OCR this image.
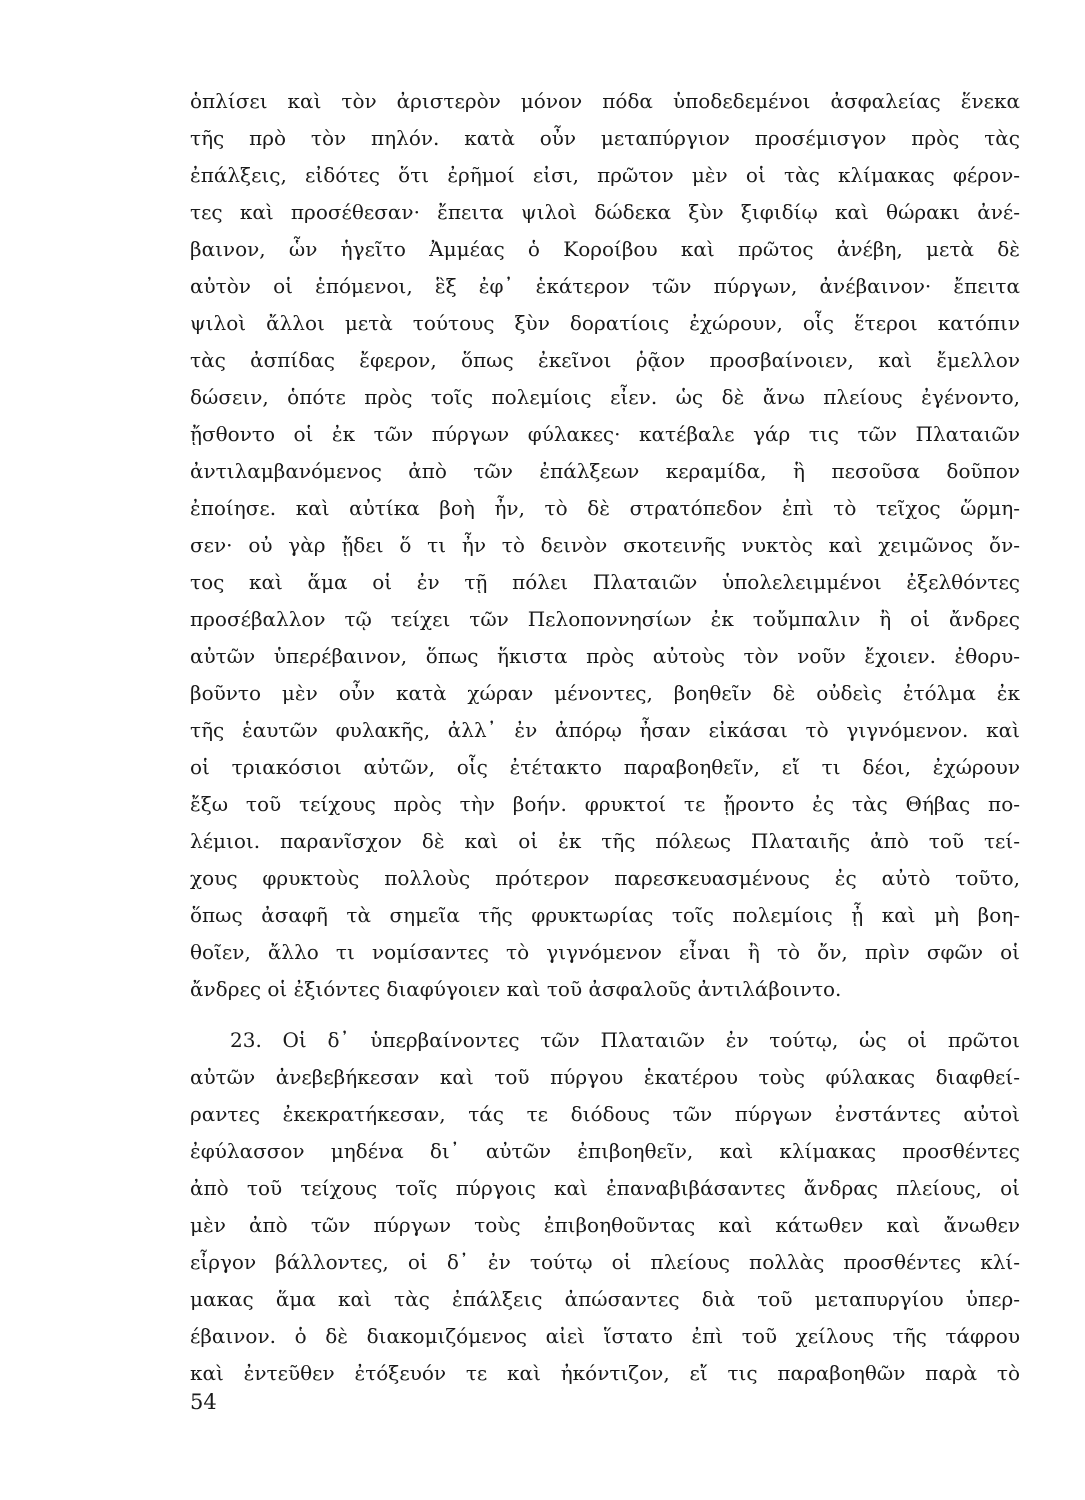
ὁπλίσει καὶ τὸν ἀριστερὸν μόνον πόδα ὑποδεδεμένοι ἀσφαλείας ἕνεκα
τῆς πρὸ τὸν πηλόν. κατὰ οὖν μεταπύργιον προσέμισγον πρὸς τὰς
ἐπάλξεις, εἰδότες ὅτι ἐρῆμοί εἰσι, πρῶτον μὲν οἱ τὰς κλίμακας φέρον-
τες καὶ προσέθεσαν· ἔπειτα ψιλοὶ δώδεκα ξὺν ξιφιδίῳ καὶ θώρακι ἀνέ-
βαινον, ὧν ἡγεῖτο Ἀμμέας ὁ Κοροίβου καὶ πρῶτος ἀνέβη, μετὰ δὲ
αὐτὸν οἱ ἑπόμενοι, ἓξ ἐφ᾽ ἑκάτερον τῶν πύργων, ἀνέβαινον· ἔπειτα
ψιλοὶ ἄλλοι μετὰ τούτους ξὺν δορατίοις ἐχώρουν, οἷς ἕτεροι κατόπιν
τὰς ἀσπίδας ἔφερον, ὅπως ἐκεῖνοι ῥᾷον προσβαίνοιεν, καὶ ἔμελλον
δώσειν, ὁπότε πρὸς τοῖς πολεμίοις εἶεν. ὡς δὲ ἄνω πλείους ἐγένοντο,
ᾔσθοντο οἱ ἐκ τῶν πύργων φύλακες· κατέβαλε γάρ τις τῶν Πλαταιῶν
ἀντιλαμβανόμενος ἀπὸ τῶν ἐπάλξεων κεραμίδα, ἣ πεσοῦσα δοῦπον
ἐποίησε. καὶ αὐτίκα βοὴ ἦν, τὸ δὲ στρατόπεδον ἐπὶ τὸ τεῖχος ὥρμη-
σεν· οὐ γὰρ ᾔδει ὅ τι ἦν τὸ δεινὸν σκοτεινῆς νυκτὸς καὶ χειμῶνος ὄν-
τος καὶ ἅμα οἱ ἐν τῇ πόλει Πλαταιῶν ὑπολελειμμένοι ἐξελθόντες
προσέβαλλον τῷ τείχει τῶν Πελοποννησίων ἐκ τοὔμπαλιν ἢ οἱ ἄνδρες
αὐτῶν ὑπερέβαινον, ὅπως ἥκιστα πρὸς αὐτοὺς τὸν νοῦν ἔχοιεν. ἐθορυ-
βοῦντο μὲν οὖν κατὰ χώραν μένοντες, βοηθεῖν δὲ οὐδεὶς ἐτόλμα ἐκ
τῆς ἑαυτῶν φυλακῆς, ἀλλ᾽ ἐν ἀπόρῳ ἦσαν εἰκάσαι τὸ γιγνόμενον. καὶ
οἱ τριακόσιοι αὐτῶν, οἷς ἐτέτακτο παραβοηθεῖν, εἴ τι δέοι, ἐχώρουν
ἔξω τοῦ τείχους πρὸς τὴν βοήν. φρυκτοί τε ᾔροντο ἐς τὰς Θήβας πο-
λέμιοι. παρανῖσχον δὲ καὶ οἱ ἐκ τῆς πόλεως Πλαταιῆς ἀπὸ τοῦ τεί-
χους φρυκτοὺς πολλοὺς πρότερον παρεσκευασμένους ἐς αὐτὸ τοῦτο,
ὅπως ἀσαφῆ τὰ σημεῖα τῆς φρυκτωρίας τοῖς πολεμίοις ᾖ καὶ μὴ βοη-
θοῖεν, ἄλλο τι νομίσαντες τὸ γιγνόμενον εἶναι ἢ τὸ ὄν, πρὶν σφῶν οἱ
ἄνδρες οἱ ἐξιόντες διαφύγοιεν καὶ τοῦ ἀσφαλοῦς ἀντιλάβοιντο.
23. Οἱ δ᾽ ὑπερβαίνοντες τῶν Πλαταιῶν ἐν τούτῳ, ὡς οἱ πρῶτοι
αὐτῶν ἀνεβεβήκεσαν καὶ τοῦ πύργου ἑκατέρου τοὺς φύλακας διαφθεί-
ραντες ἐκεκρατήκεσαν, τάς τε διόδους τῶν πύργων ἐνστάντες αὐτοὶ
ἐφύλασσον μηδένα δι᾽ αὐτῶν ἐπιβοηθεῖν, καὶ κλίμακας προσθέντες
ἀπὸ τοῦ τείχους τοῖς πύργοις καὶ ἐπαναβιβάσαντες ἄνδρας πλείους, οἱ
μὲν ἀπὸ τῶν πύργων τοὺς ἐπιβοηθοῦντας καὶ κάτωθεν καὶ ἄνωθεν
εἶργον βάλλοντες, οἱ δ᾽ ἐν τούτῳ οἱ πλείους πολλὰς προσθέντες κλί-
μακας ἅμα καὶ τὰς ἐπάλξεις ἀπώσαντες διὰ τοῦ μεταπυργίου ὑπερ-
έβαινον. ὁ δὲ διακομιζόμενος αἰεὶ ἵστατο ἐπὶ τοῦ χείλους τῆς τάφρου
καὶ ἐντεῦθεν ἐτόξευόν τε καὶ ἠκόντιζον, εἴ τις παραβοηθῶν παρὰ τὸ
54
